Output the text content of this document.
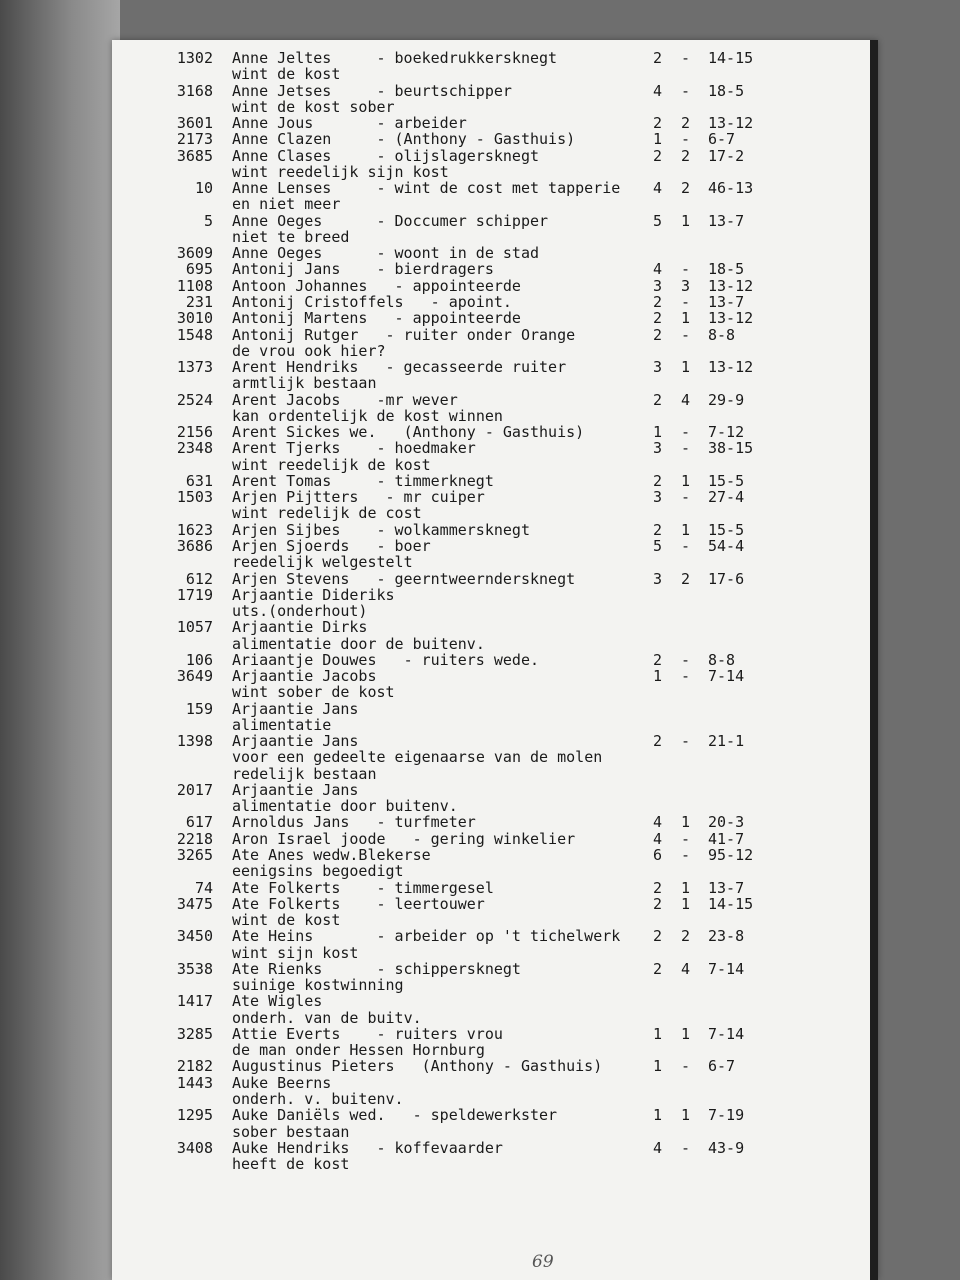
1302 Anne Jeltes	- boekedrukkersknegt	2 - 14-15
wint de kost
3168 Anne Jetses	- beurtschipper	4 - 18-5
wint de kost sober
3601 Anne Jous	- arbeider	2 2 13-12
2173 Anne Clazen	- (Anthony - Gasthuis)	1 - 6-7
3685 Anne Clases	- olijslagersknegt	2 2 17-2
wint reedelijk sijn kost
10 Anne Lenses	- wint de cost met tapperie 4 2 46-13
en niet meer
5 Anne Oeges	- Doccumer schipper	5 1 13-7
niet te breed
3609 Anne Oeges	- woont in de stad
695 Antonij Jans - bierdragers	4 - 18-5
1108 Antoon Johannes - appointeerde	3 3 13-12
231 Antonij Cristoffels - apoint.	2 - 13-7
3010 Antonij Martens - appointeerde	2 1 13-12
1548 Antonij Rutger - ruiter onder Orange	2 - 8-8
de vrou ook hier?
1373 Arent Hendriks - gecasseerde ruiter	3 1 13-12
armtlijk bestaan
2524 Arent Jacobs -mr wever	2 4 29-9
kan ordentelijk de kost winnen
2156 Arent Sickes we. (Anthony - Gasthuis)	1 - 7-12
2348 Arent Tjerks - hoedmaker	3 - 38-15
wint reedelijk de kost
631 Arent Tomas	- timmerknegt	2 1 15-5
1503 Arjen Pijtters - mr cuiper	3 - 27-4
wint redelijk de cost
1623 Arjen Sijbes - wolkammersknegt	2 1 15-5
3686 Arjen Sjoerds - boer	5 - 54-4
reedelijk welgestelt
612 Arjen Stevens - geerntweerndersknegt	3 2 17-6
1719 Arjaantie Dideriks
uts.(onderhout)
1057 Arjaantie Dirks
alimentatie door de buitenv.
106 Ariaantje Douwes - ruiters wede.	2 - 8-8
3649 Arjaantie Jacobs	1 - 7-14
wint sober de kost
159 Arjaantie Jans
alimentatie
1398 Arjaantie Jans	2 - 21-1
voor een gedeelte eigenaarse van de molen
redelijk bestaan
2017 Arjaantie Jans
alimentatie door buitenv.
617 Arnoldus Jans - turfmeter	4 1 20-3
2218 Aron Israel joode - gering winkelier	4 - 41-7
3265 Ate Anes wedw.Blekerse	6 - 95-12
eenigsins begoedigt
74 Ate Folkerts - timmergesel	2 1 13-7
3475 Ate Folkerts - leertouwer	2 1 14-15
wint de kost
3450 Ate Heins	- arbeider op 't tichelwerk 2 2 23-8
wint sijn kost
3538 Ate Rienks	- schippersknegt	2 4 7-14
suinige kostwinning
1417 Ate Wigles
onderh. van de buitv.
3285 Attie Everts - ruiters vrou	1 1 7-14
de man onder Hessen Hornburg
2182 Augustinus Pieters (Anthony - Gasthuis)	1 - 6-7
1443 Auke Beerns
onderh. v. buitenv.
1295 Auke Daniëls wed. - speldewerkster	1 1 7-19
sober bestaan
3408 Auke Hendriks - koffevaarder	4 - 43-9
heeft de kost
69
